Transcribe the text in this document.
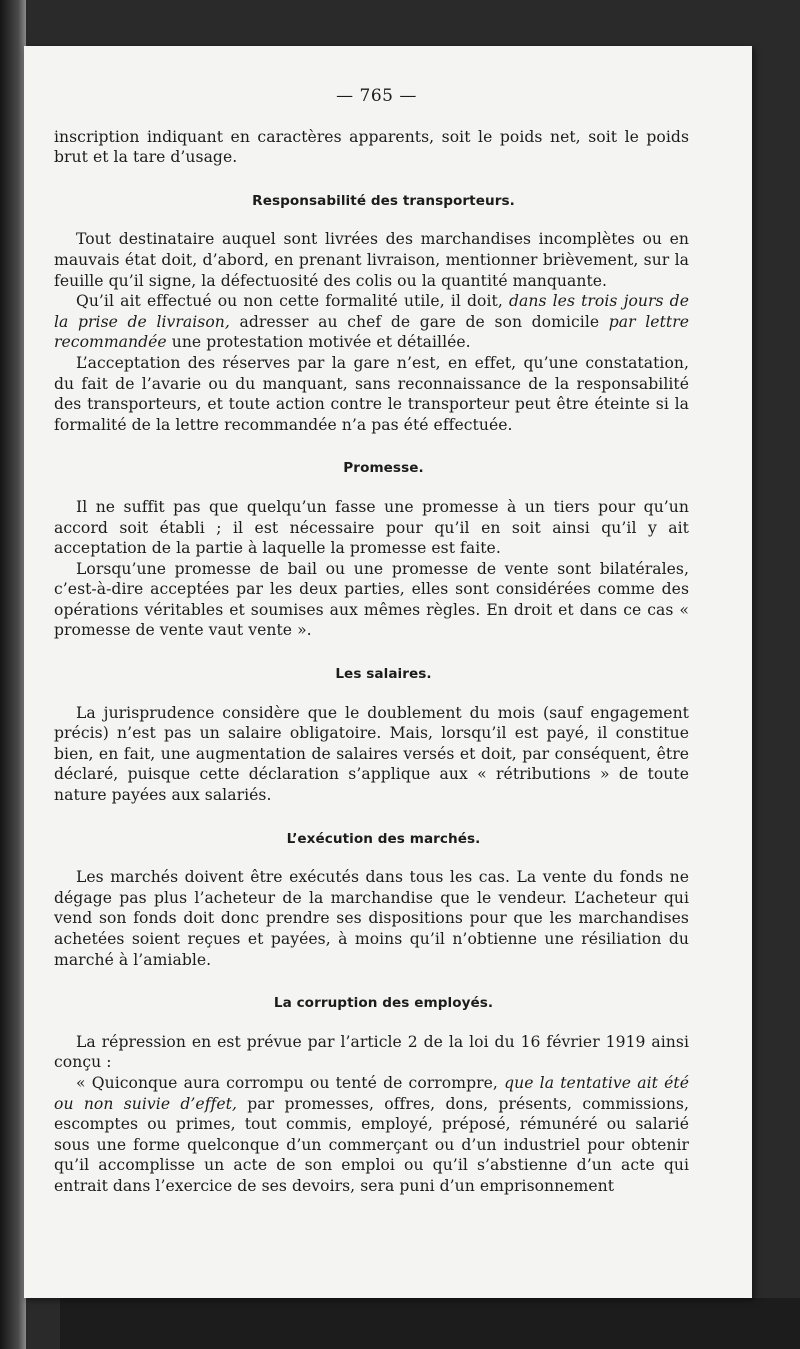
— 765 —

inscription indiquant en caractères apparents, soit le poids net, soit le poids brut et la tare d’usage.

Responsabilité des transporteurs.

Tout destinataire auquel sont livrées des marchandises incomplètes ou en mauvais état doit, d’abord, en prenant livraison, mentionner brièvement, sur la feuille qu’il signe, la défectuosité des colis ou la quantité manquante.

Qu’il ait effectué ou non cette formalité utile, il doit, dans les trois jours de la prise de livraison, adresser au chef de gare de son domicile par lettre recommandée une protestation motivée et détaillée.

L’acceptation des réserves par la gare n’est, en effet, qu’une constatation, du fait de l’avarie ou du manquant, sans reconnaissance de la responsabilité des transporteurs, et toute action contre le transporteur peut être éteinte si la formalité de la lettre recommandée n’a pas été effectuée.

Promesse.

Il ne suffit pas que quelqu’un fasse une promesse à un tiers pour qu’un accord soit établi ; il est nécessaire pour qu’il en soit ainsi qu’il y ait acceptation de la partie à laquelle la promesse est faite.

Lorsqu’une promesse de bail ou une promesse de vente sont bilatérales, c’est-à-dire acceptées par les deux parties, elles sont considérées comme des opérations véritables et soumises aux mêmes règles. En droit et dans ce cas « promesse de vente vaut vente ».

Les salaires.

La jurisprudence considère que le doublement du mois (sauf engagement précis) n’est pas un salaire obligatoire. Mais, lorsqu’il est payé, il constitue bien, en fait, une augmentation de salaires versés et doit, par conséquent, être déclaré, puisque cette déclaration s’applique aux « rétributions » de toute nature payées aux salariés.

L’exécution des marchés.

Les marchés doivent être exécutés dans tous les cas. La vente du fonds ne dégage pas plus l’acheteur de la marchandise que le vendeur. L’acheteur qui vend son fonds doit donc prendre ses dispositions pour que les marchandises achetées soient reçues et payées, à moins qu’il n’obtienne une résiliation du marché à l’amiable.

La corruption des employés.

La répression en est prévue par l’article 2 de la loi du 16 février 1919 ainsi conçu :

« Quiconque aura corrompu ou tenté de corrompre, que la tentative ait été ou non suivie d’effet, par promesses, offres, dons, présents, commissions, escomptes ou primes, tout commis, employé, préposé, rémunéré ou salarié sous une forme quelconque d’un commerçant ou d’un industriel pour obtenir qu’il accomplisse un acte de son emploi ou qu’il s’abstienne d’un acte qui entrait dans l’exercice de ses devoirs, sera puni d’un emprisonnement
